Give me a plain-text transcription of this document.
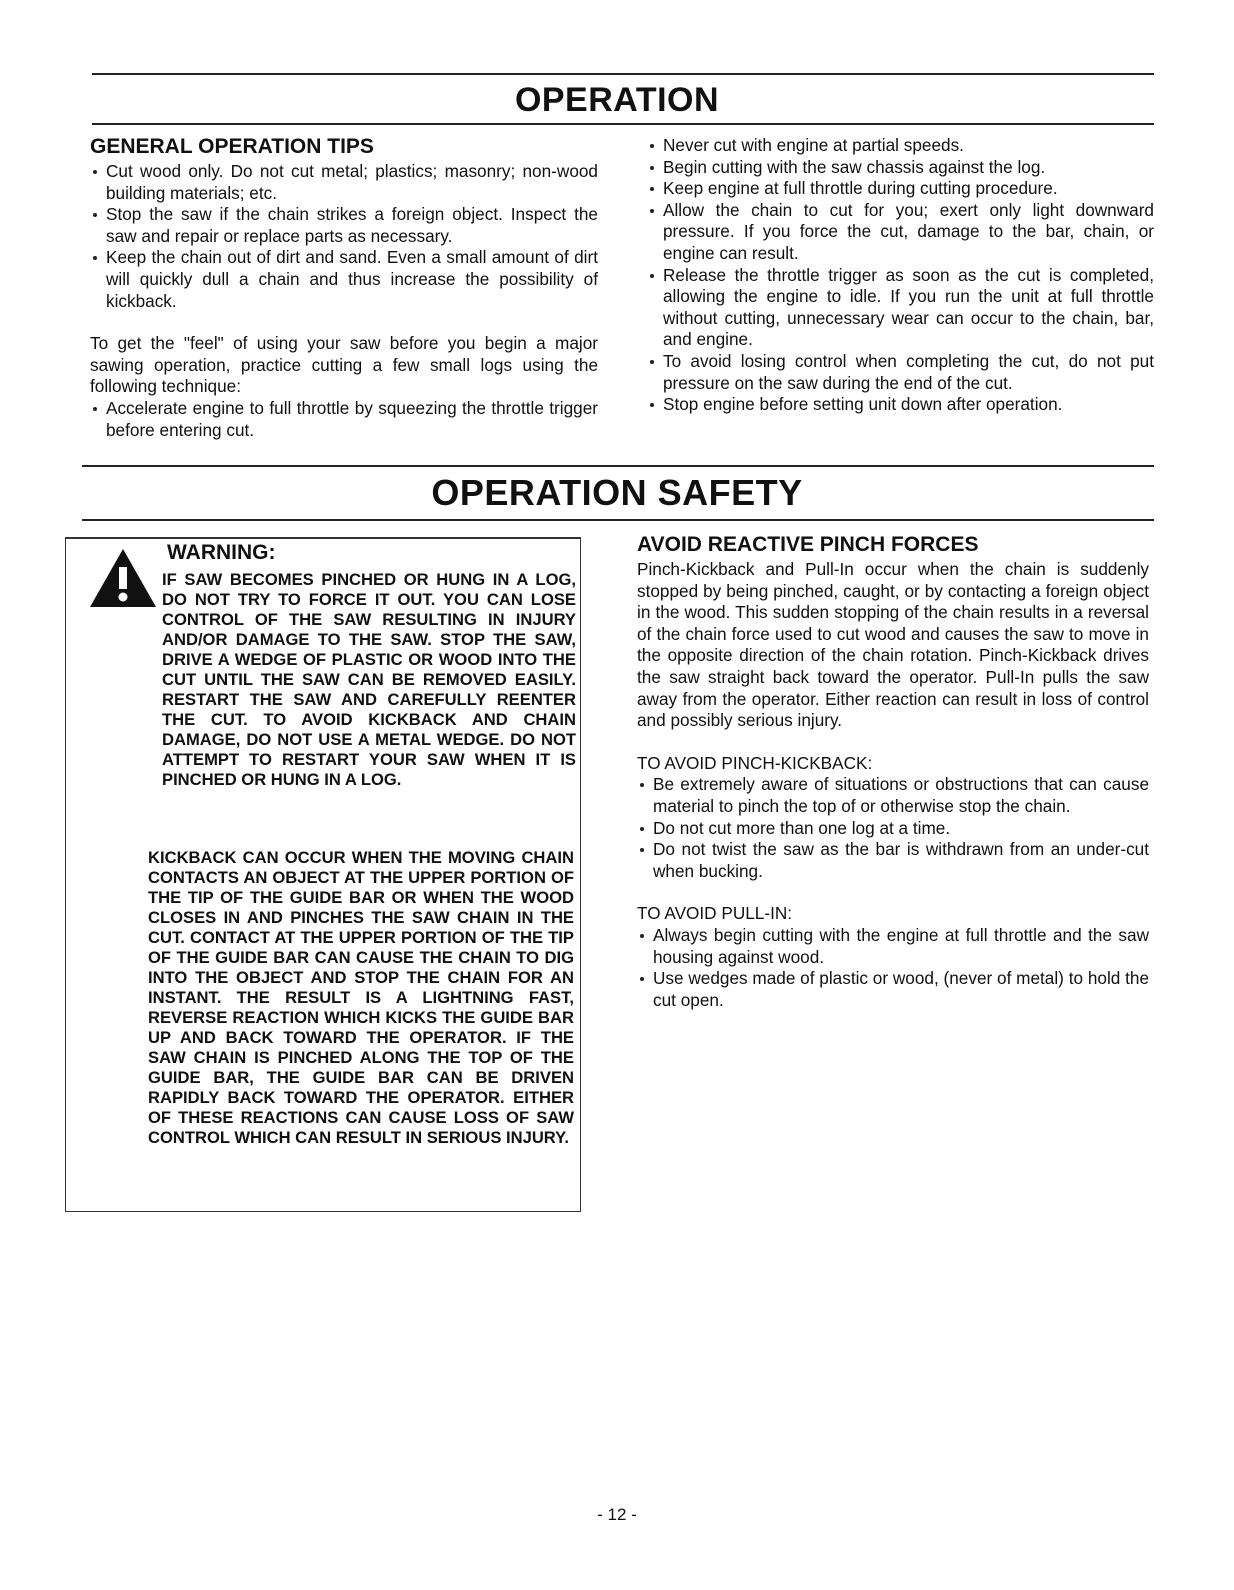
OPERATION
GENERAL OPERATION TIPS
Cut wood only. Do not cut metal; plastics; masonry; non-wood building materials; etc.
Stop the saw if the chain strikes a foreign object. Inspect the saw and repair or replace parts as necessary.
Keep the chain out of dirt and sand. Even a small amount of dirt will quickly dull a chain and thus increase the possibility of kickback.

To get the "feel" of using your saw before you begin a major sawing operation, practice cutting a few small logs using the following technique:

Accelerate engine to full throttle by squeezing the throttle trigger before entering cut.
Never cut with engine at partial speeds.
Begin cutting with the saw chassis against the log.
Keep engine at full throttle during cutting procedure.
Allow the chain to cut for you; exert only light downward pressure. If you force the cut, damage to the bar, chain, or engine can result.
Release the throttle trigger as soon as the cut is completed, allowing the engine to idle. If you run the unit at full throttle without cutting, unnecessary wear can occur to the chain, bar, and engine.
To avoid losing control when completing the cut, do not put pressure on the saw during the end of the cut.
Stop engine before setting unit down after operation.
OPERATION SAFETY
WARNING:

IF SAW BECOMES PINCHED OR HUNG IN A LOG, DO NOT TRY TO FORCE IT OUT. YOU CAN LOSE CONTROL OF THE SAW RESULTING IN INJURY AND/OR DAMAGE TO THE SAW. STOP THE SAW, DRIVE A WEDGE OF PLASTIC OR WOOD INTO THE CUT UNTIL THE SAW CAN BE REMOVED EASILY. RESTART THE SAW AND CAREFULLY REENTER THE CUT. TO AVOID KICKBACK AND CHAIN DAMAGE, DO NOT USE A METAL WEDGE. DO NOT ATTEMPT TO RESTART YOUR SAW WHEN IT IS PINCHED OR HUNG IN A LOG.

KICKBACK CAN OCCUR WHEN THE MOVING CHAIN CONTACTS AN OBJECT AT THE UPPER PORTION OF THE TIP OF THE GUIDE BAR OR WHEN THE WOOD CLOSES IN AND PINCHES THE SAW CHAIN IN THE CUT. CONTACT AT THE UPPER PORTION OF THE TIP OF THE GUIDE BAR CAN CAUSE THE CHAIN TO DIG INTO THE OBJECT AND STOP THE CHAIN FOR AN INSTANT. THE RESULT IS A LIGHTNING FAST, REVERSE REACTION WHICH KICKS THE GUIDE BAR UP AND BACK TOWARD THE OPERATOR. IF THE SAW CHAIN IS PINCHED ALONG THE TOP OF THE GUIDE BAR, THE GUIDE BAR CAN BE DRIVEN RAPIDLY BACK TOWARD THE OPERATOR. EITHER OF THESE REACTIONS CAN CAUSE LOSS OF SAW CONTROL WHICH CAN RESULT IN SERIOUS INJURY.

AVOID REACTIVE PINCH FORCES

Pinch-Kickback and Pull-In occur when the chain is suddenly stopped by being pinched, caught, or by contacting a foreign object in the wood. This sudden stopping of the chain results in a reversal of the chain force used to cut wood and causes the saw to move in the opposite direction of the chain rotation. Pinch-Kickback drives the saw straight back toward the operator. Pull-In pulls the saw away from the operator. Either reaction can result in loss of control and possibly serious injury.

TO AVOID PINCH-KICKBACK:

Be extremely aware of situations or obstructions that can cause material to pinch the top of or otherwise stop the chain.
Do not cut more than one log at a time.
Do not twist the saw as the bar is withdrawn from an under-cut when bucking.

TO AVOID PULL-IN:

Always begin cutting with the engine at full throttle and the saw housing against wood.
Use wedges made of plastic or wood, (never of metal) to hold the cut open.
- 12 -
